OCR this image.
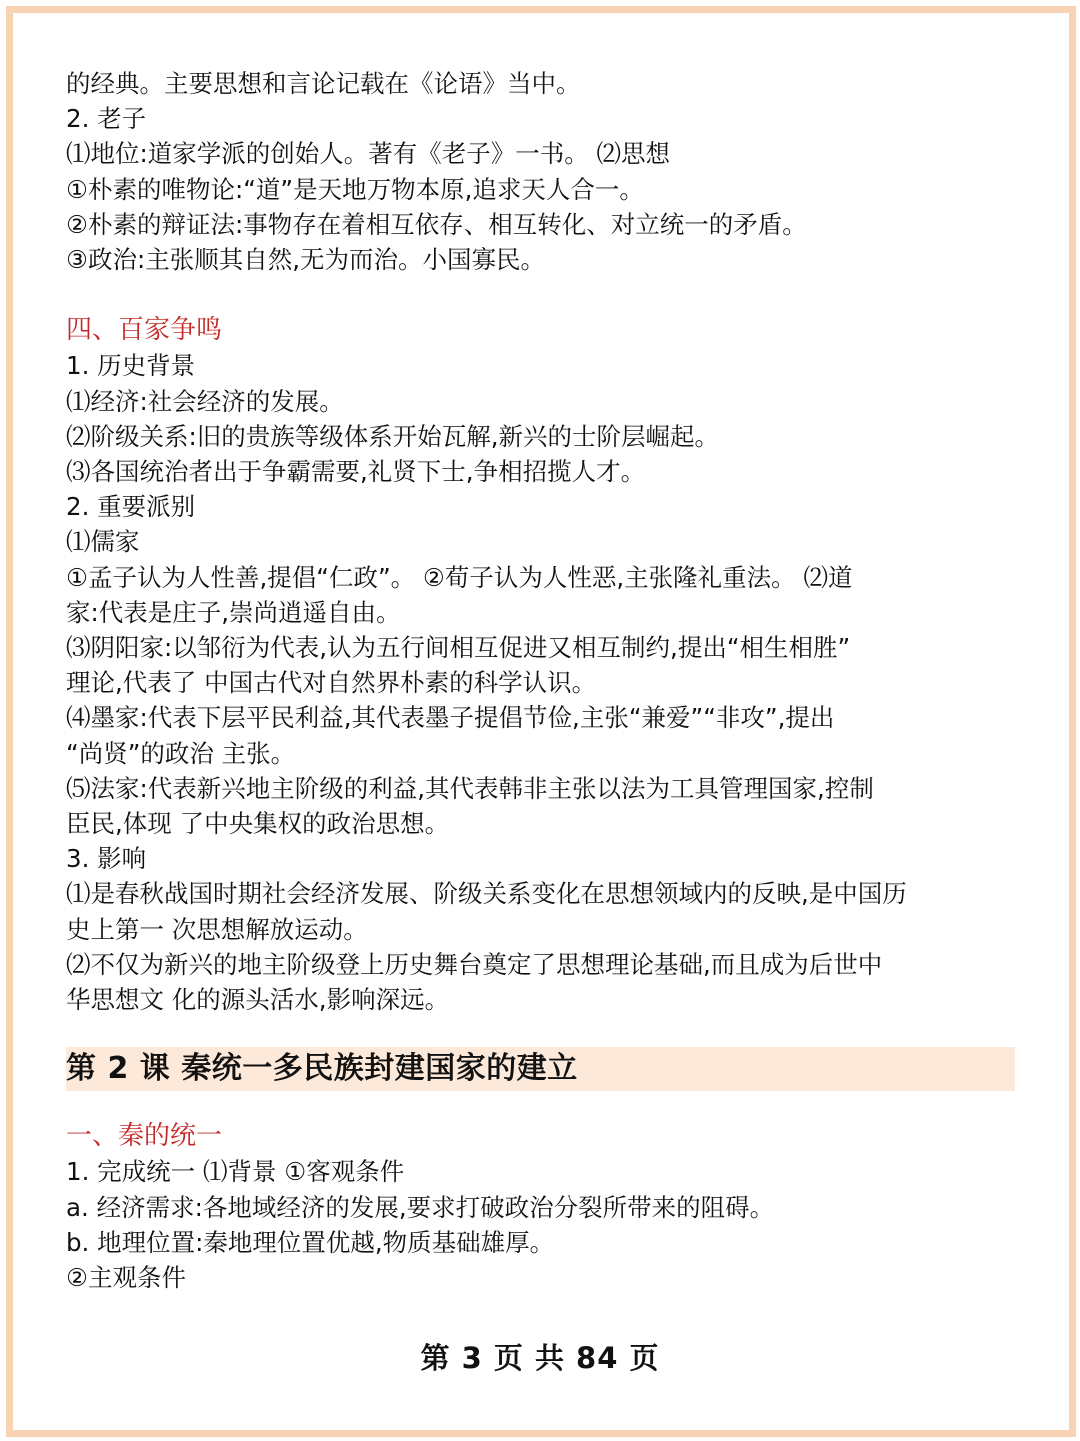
的经典。主要思想和言论记载在《论语》当中。

2. 老子

⑴地位:道家学派的创始人。著有《老子》一书。 ⑵思想

①朴素的唯物论:“道”是天地万物本原,追求天人合一。

②朴素的辩证法:事物存在着相互依存、相互转化、对立统一的矛盾。

③政治:主张顺其自然,无为而治。小国寡民。

四、百家争鸣

1. 历史背景

⑴经济:社会经济的发展。

⑵阶级关系:旧的贵族等级体系开始瓦解,新兴的士阶层崛起。

⑶各国统治者出于争霸需要,礼贤下士,争相招揽人才。

2. 重要派别

⑴儒家

①孟子认为人性善,提倡“仁政”。 ②荀子认为人性恶,主张隆礼重法。 ⑵道

家:代表是庄子,崇尚逍遥自由。

⑶阴阳家:以邹衍为代表,认为五行间相互促进又相互制约,提出“相生相胜”

理论,代表了 中国古代对自然界朴素的科学认识。

⑷墨家:代表下层平民利益,其代表墨子提倡节俭,主张“兼爱”“非攻”,提出

“尚贤”的政治 主张。

⑸法家:代表新兴地主阶级的利益,其代表韩非主张以法为工具管理国家,控制

臣民,体现 了中央集权的政治思想。

3. 影响

⑴是春秋战国时期社会经济发展、阶级关系变化在思想领域内的反映,是中国历

史上第一 次思想解放运动。

⑵不仅为新兴的地主阶级登上历史舞台奠定了思想理论基础,而且成为后世中

华思想文 化的源头活水,影响深远。

第 2 课 秦统一多民族封建国家的建立

一、秦的统一

1. 完成统一 ⑴背景 ①客观条件

a. 经济需求:各地域经济的发展,要求打破政治分裂所带来的阻碍。

b. 地理位置:秦地理位置优越,物质基础雄厚。

②主观条件

第 3 页 共 84 页
